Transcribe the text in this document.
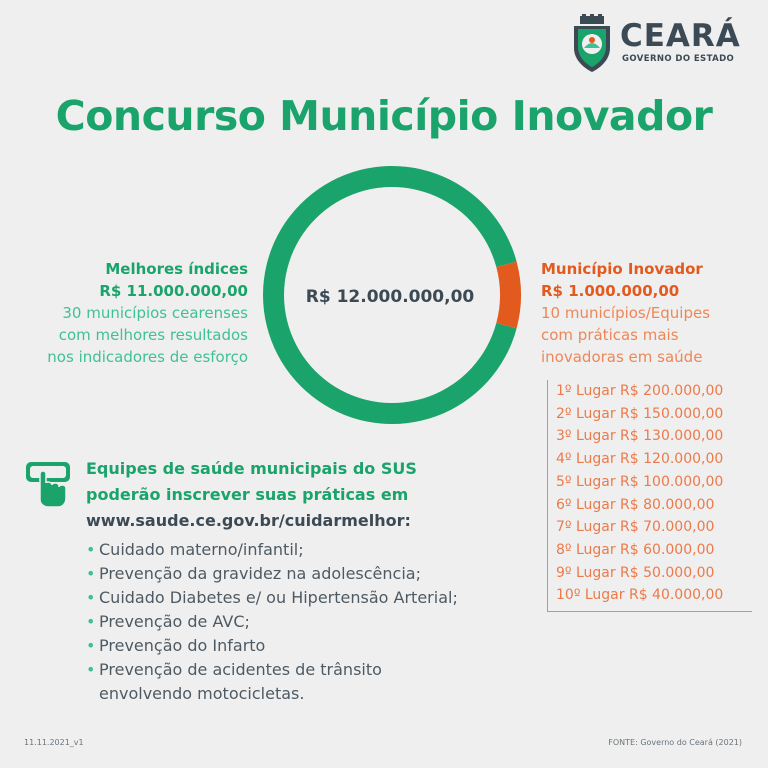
CEARÁ
GOVERNO DO ESTADO
Concurso Município Inovador
R$ 12.000.000,00
Melhores índices
R$ 11.000.000,00
30 municípios cearenses
com melhores resultados
nos indicadores de esforço
Município Inovador
R$ 1.000.000,00
10 municípios/Equipes
com práticas mais
inovadoras em saúde
1º Lugar R$ 200.000,00
2º Lugar R$ 150.000,00
3º Lugar R$ 130.000,00
4º Lugar R$ 120.000,00
5º Lugar R$ 100.000,00
6º Lugar R$ 80.000,00
7º Lugar R$ 70.000,00
8º Lugar R$ 60.000,00
9º Lugar R$ 50.000,00
10º Lugar R$ 40.000,00
Equipes de saúde municipais do SUS
poderão inscrever suas práticas em
www.saude.ce.gov.br/cuidarmelhor:
• Cuidado materno/infantil;
• Prevenção da gravidez na adolescência;
• Cuidado Diabetes e/ ou Hipertensão Arterial;
• Prevenção de AVC;
• Prevenção do Infarto
• Prevenção de acidentes de trânsito
envolvendo motocicletas.
11.11.2021_v1	FONTE: Governo do Ceará (2021)
